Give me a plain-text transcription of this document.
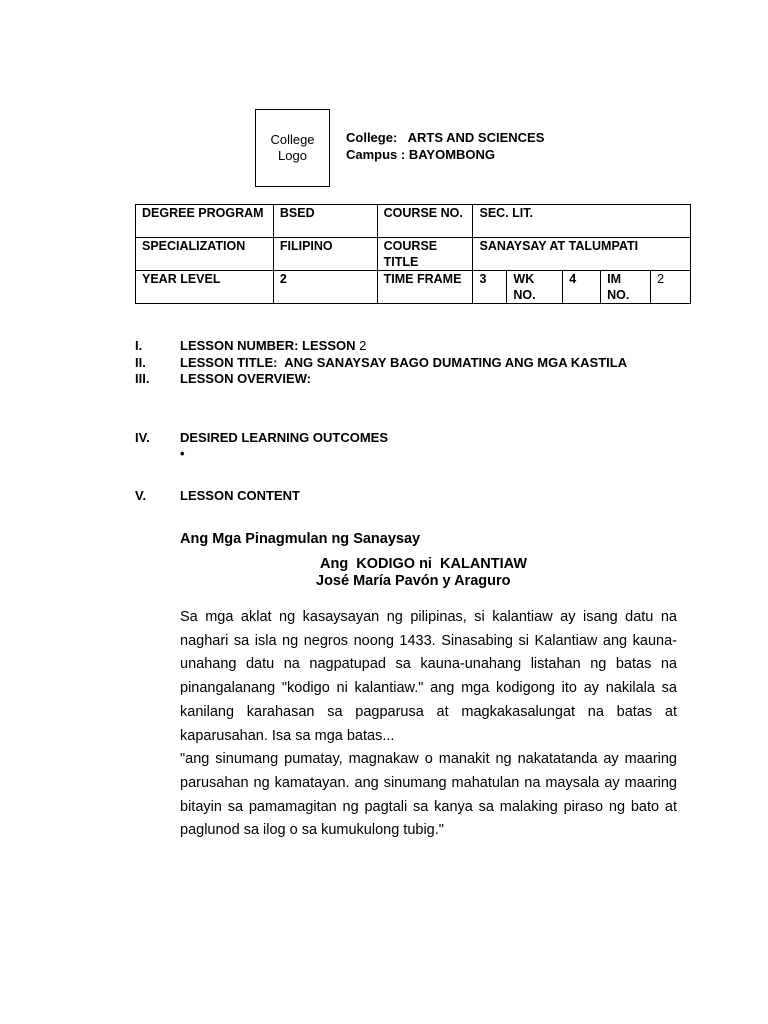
College
Logo
College:   ARTS AND SCIENCES
Campus : BAYOMBONG
DEGREE PROGRAM	BSED	COURSE NO.	SEC. LIT.				
SPECIALIZATION	FILIPINO	COURSE TITLE	SANAYSAY AT TALUMPATI				
YEAR LEVEL	2	TIME FRAME	3	WK NO.	4	IM NO.	2
I.	LESSON NUMBER: LESSON 2
II.	LESSON TITLE:  ANG SANAYSAY BAGO DUMATING ANG MGA KASTILA
III. LESSON OVERVIEW:
IV. DESIRED LEARNING OUTCOMES
•
V.	LESSON CONTENT
Ang Mga Pinagmulan ng Sanaysay
Ang  KODIGO ni  KALANTIAW
José María Pavón y Araguro

Sa mga aklat ng kasaysayan ng pilipinas, si kalantiaw ay isang datu na naghari sa isla ng negros noong 1433. Sinasabing si Kalantiaw ang kauna-unahang datu na nagpatupad sa kauna-unahang listahan ng batas na pinangalanang "kodigo ni kalantiaw." ang mga kodigong ito ay nakilala sa kanilang karahasan sa pagparusa at magkakasalungat na batas at kaparusahan. Isa sa mga batas...

"ang sinumang pumatay, magnakaw o manakit ng nakatatanda ay maaring parusahan ng kamatayan. ang sinumang mahatulan na maysala ay maaring bitayin sa pamamagitan ng pagtali sa kanya sa malaking piraso ng bato at paglunod sa ilog o sa kumukulong tubig."
